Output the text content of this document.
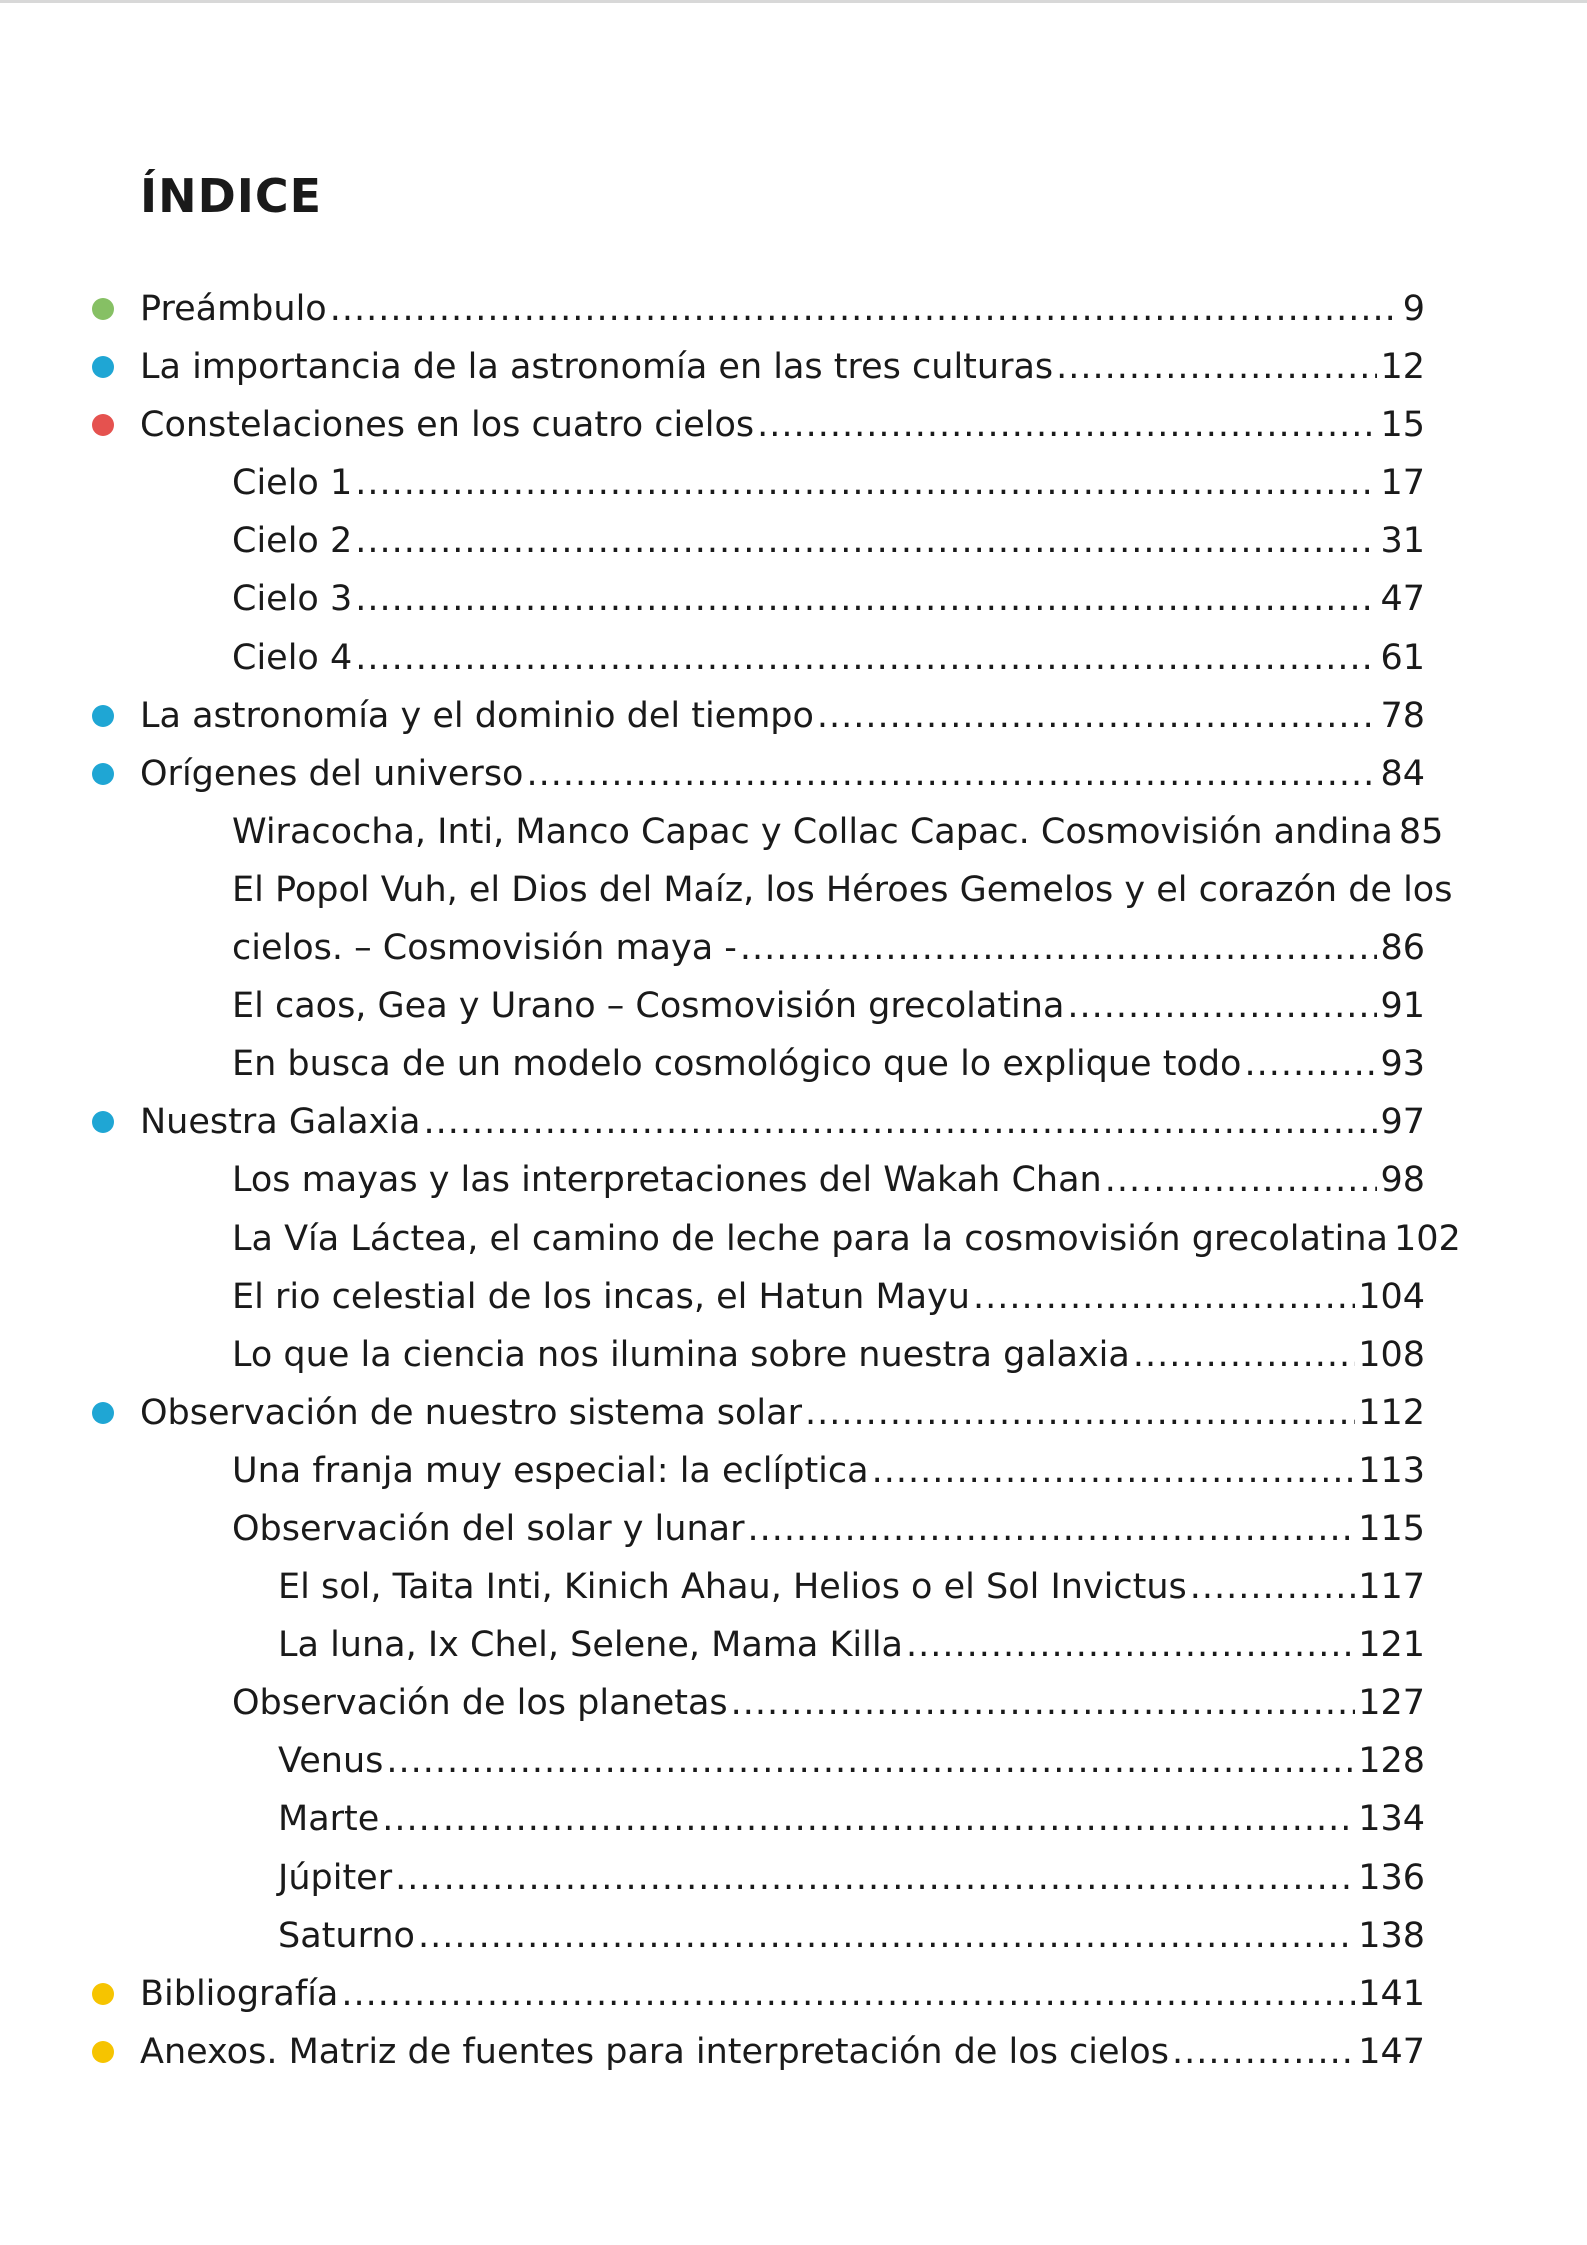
ÍNDICE
Preámbulo .....	9
La importancia de la astronomía en las tres culturas .....	12
Constelaciones en los cuatro cielos .....	15
Cielo 1 .....	17
Cielo 2 .....	31
Cielo 3 .....	47
Cielo 4 .....	61
La astronomía y el dominio del tiempo .....	78
Orígenes del universo .....	84
Wiracocha, Inti, Manco Capac y Collac Capac. Cosmovisión andina 85
El Popol Vuh, el Dios del Maíz, los Héroes Gemelos y el corazón de los
cielos. – Cosmovisión maya - .....	86
El caos, Gea y Urano – Cosmovisión grecolatina .....	91
En busca de un modelo cosmológico que lo explique todo .....	93
Nuestra Galaxia .....	97
Los mayas y las interpretaciones del Wakah Chan .....	98
La Vía Láctea, el camino de leche para la cosmovisión grecolatina 102
El rio celestial de los incas, el Hatun Mayu .....	104
Lo que la ciencia nos ilumina sobre nuestra galaxia .....	108
Observación de nuestro sistema solar .....	112
Una franja muy especial: la eclíptica .....	113
Observación del solar y lunar .....	115
El sol, Taita Inti, Kinich Ahau, Helios o el Sol Invictus .....	117
La luna, Ix Chel, Selene, Mama Killa .....	121
Observación de los planetas .....	127
Venus .....	128
Marte .....	134
Júpiter .....	136
Saturno .....	138
Bibliografía .....	141
Anexos. Matriz de fuentes para interpretación de los cielos .....	147
